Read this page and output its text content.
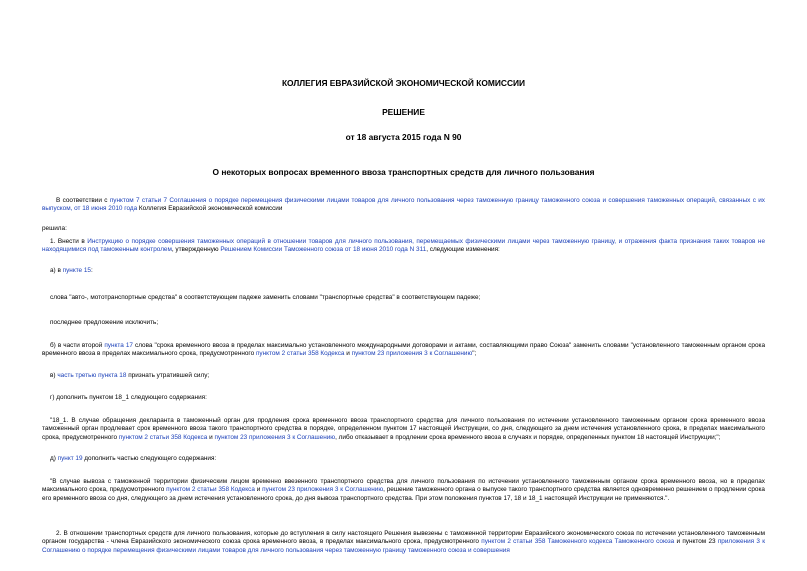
КОЛЛЕГИЯ ЕВРАЗИЙСКОЙ ЭКОНОМИЧЕСКОЙ КОМИССИИ
РЕШЕНИЕ
от 18 августа 2015 года N 90
О некоторых вопросах временного ввоза транспортных средств для личного пользования
В соответствии с пунктом 7 статьи 7 Соглашения о порядке перемещения физическими лицами товаров для личного пользования через таможенную границу таможенного союза и совершения таможенных операций, связанных с их выпуском, от 18 июня 2010 года Коллегия Евразийской экономической комиссии
решила:
1. Внести в Инструкцию о порядке совершения таможенных операций в отношении товаров для личного пользования, перемещаемых физическими лицами через таможенную границу, и отражения факта признания таких товаров не находящимися под таможенным контролем, утвержденную Решением Комиссии Таможенного союза от 18 июня 2010 года N 311, следующие изменения:
а) в пункте 15:
слова "авто-, мототранспортные средства" в соответствующем падеже заменить словами "транспортные средства" в соответствующем падеже;
последнее предложение исключить;
б) в части второй пункта 17 слова "срока временного ввоза в пределах максимально установленного международными договорами и актами, составляющими право Союза" заменить словами "установленного таможенным органом срока временного ввоза в пределах максимального срока, предусмотренного пунктом 2 статьи 358 Кодекса и пунктом 23 приложения 3 к Соглашению";
в) часть третью пункта 18 признать утратившей силу;
г) дополнить пунктом 18_1 следующего содержания:
"18_1. В случае обращения декларанта в таможенный орган для продления срока временного ввоза транспортного средства для личного пользования по истечении установленного таможенным органом срока временного ввоза таможенный орган продлевает срок временного ввоза такого транспортного средства в порядке, определенном пунктом 17 настоящей Инструкции, со дня, следующего за днем истечения установленного срока, в пределах максимального срока, предусмотренного пунктом 2 статьи 358 Кодекса и пунктом 23 приложения 3 к Соглашению, либо отказывает в продлении срока временного ввоза в случаях и порядке, определенных пунктом 18 настоящей Инструкции;";
д) пункт 19 дополнить частью следующего содержания:
"В случае вывоза с таможенной территории физическим лицом временно ввезенного транспортного средства для личного пользования по истечении установленного таможенным органом срока временного ввоза, но в пределах максимального срока, предусмотренного пунктом 2 статьи 358 Кодекса и пунктом 23 приложения 3 к Соглашению, решение таможенного органа о выпуске такого транспортного средства является одновременно решением о продлении срока его временного ввоза со дня, следующего за днем истечения установленного срока, до дня вывоза транспортного средства. При этом положения пунктов 17, 18 и 18_1 настоящей Инструкции не применяются.".
2. В отношении транспортных средств для личного пользования, которые до вступления в силу настоящего Решения вывезены с таможенной территории Евразийского экономического союза по истечении установленного таможенным органом государства - члена Евразийского экономического союза срока временного ввоза, в пределах максимального срока, предусмотренного пунктом 2 статьи 358 Таможенного кодекса Таможенного союза и пунктом 23 приложения 3 к Соглашению о порядке перемещения физическими лицами товаров для личного пользования через таможенную границу таможенного союза и совершения
